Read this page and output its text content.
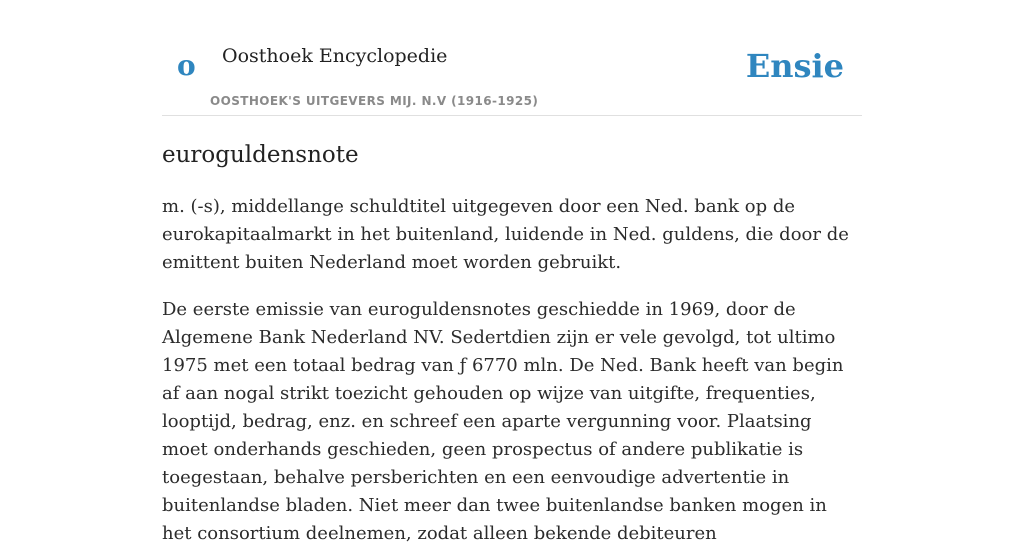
o Oosthoek Encyclopedie
OOSTHOEK'S UITGEVERS MIJ. N.V (1916-1925)
Ensie
euroguldensnote

m. (-s), middellange schuldtitel uitgegeven door een Ned. bank op de eurokapitaalmarkt in het buitenland, luidende in Ned. guldens, die door de emittent buiten Nederland moet worden gebruikt.

De eerste emissie van euroguldensnotes geschiedde in 1969, door de Algemene Bank Nederland NV. Sedertdien zijn er vele gevolgd, tot ultimo 1975 met een totaal bedrag van ƒ 6770 mln. De Ned. Bank heeft van begin af aan nogal strikt toezicht gehouden op wijze van uitgifte, frequenties, looptijd, bedrag, enz. en schreef een aparte vergunning voor. Plaatsing moet onderhands geschieden, geen prospectus of andere publikatie is toegestaan, behalve persberichten en een eenvoudige advertentie in buitenlandse bladen. Niet meer dan twee buitenlandse banken mogen in het consortium deelnemen, zodat alleen bekende debiteuren
